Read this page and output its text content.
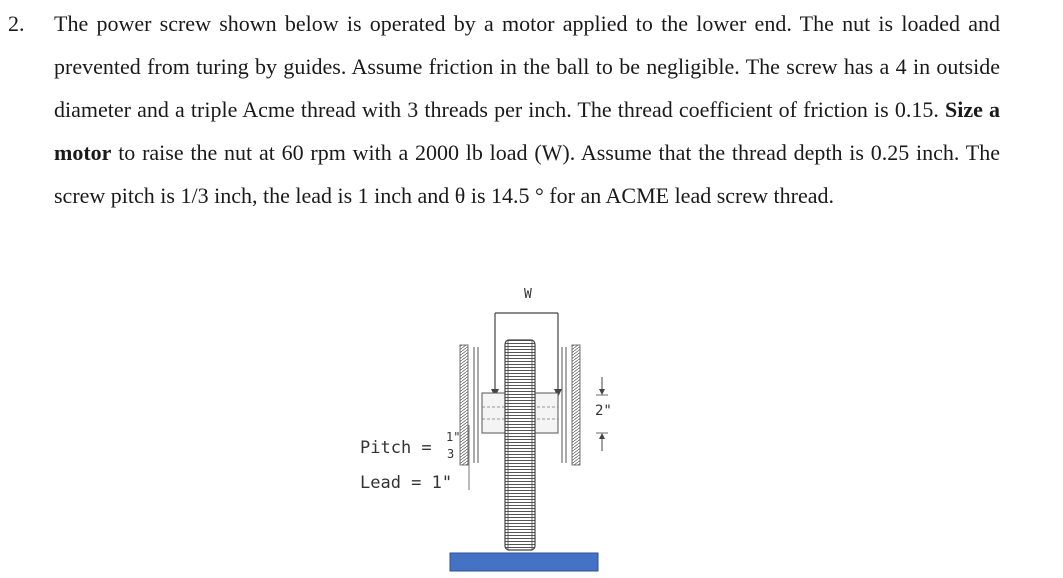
2. The power screw shown below is operated by a motor applied to the lower end. The nut is loaded and prevented from turing by guides. Assume friction in the ball to be negligible. The screw has a 4 in outside diameter and a triple Acme thread with 3 threads per inch. The thread coefficient of friction is 0.15. Size a motor to raise the nut at 60 rpm with a 2000 lb load (W). Assume that the thread depth is 0.25 inch. The screw pitch is 1/3 inch, the lead is 1 inch and θ is 14.5 ° for an ACME lead screw thread.
W
2"
Pitch =
1"
3
Lead = 1"
